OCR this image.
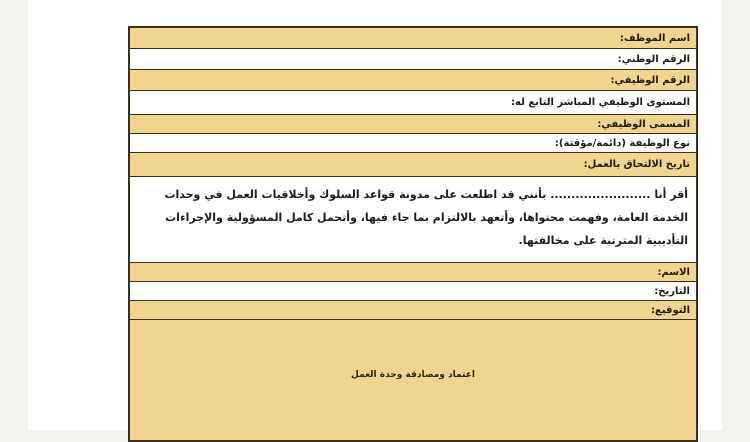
اسم الموظف:
الرقم الوطني:
الرقم الوظيفي:
المستوى الوظيفي المباشر التابع له:
المسمى الوظيفي:
نوع الوظيفة (دائمة/مؤقتة):
تاريخ الالتحاق بالعمل:
أقر أنا ........................ بأنني قد اطلعت على مدونة قواعد السلوك وأخلاقيات العمل في وحدات الخدمة العامة، وفهمت محتواها، وأتعهد بالالتزام بما جاء فيها، وأتحمل كامل المسؤولية والإجراءات التأديبية المترتبة على مخالفتها.
الاسم:
التاريخ:
التوقيع:
اعتماد ومصادقة وحدة العمل
